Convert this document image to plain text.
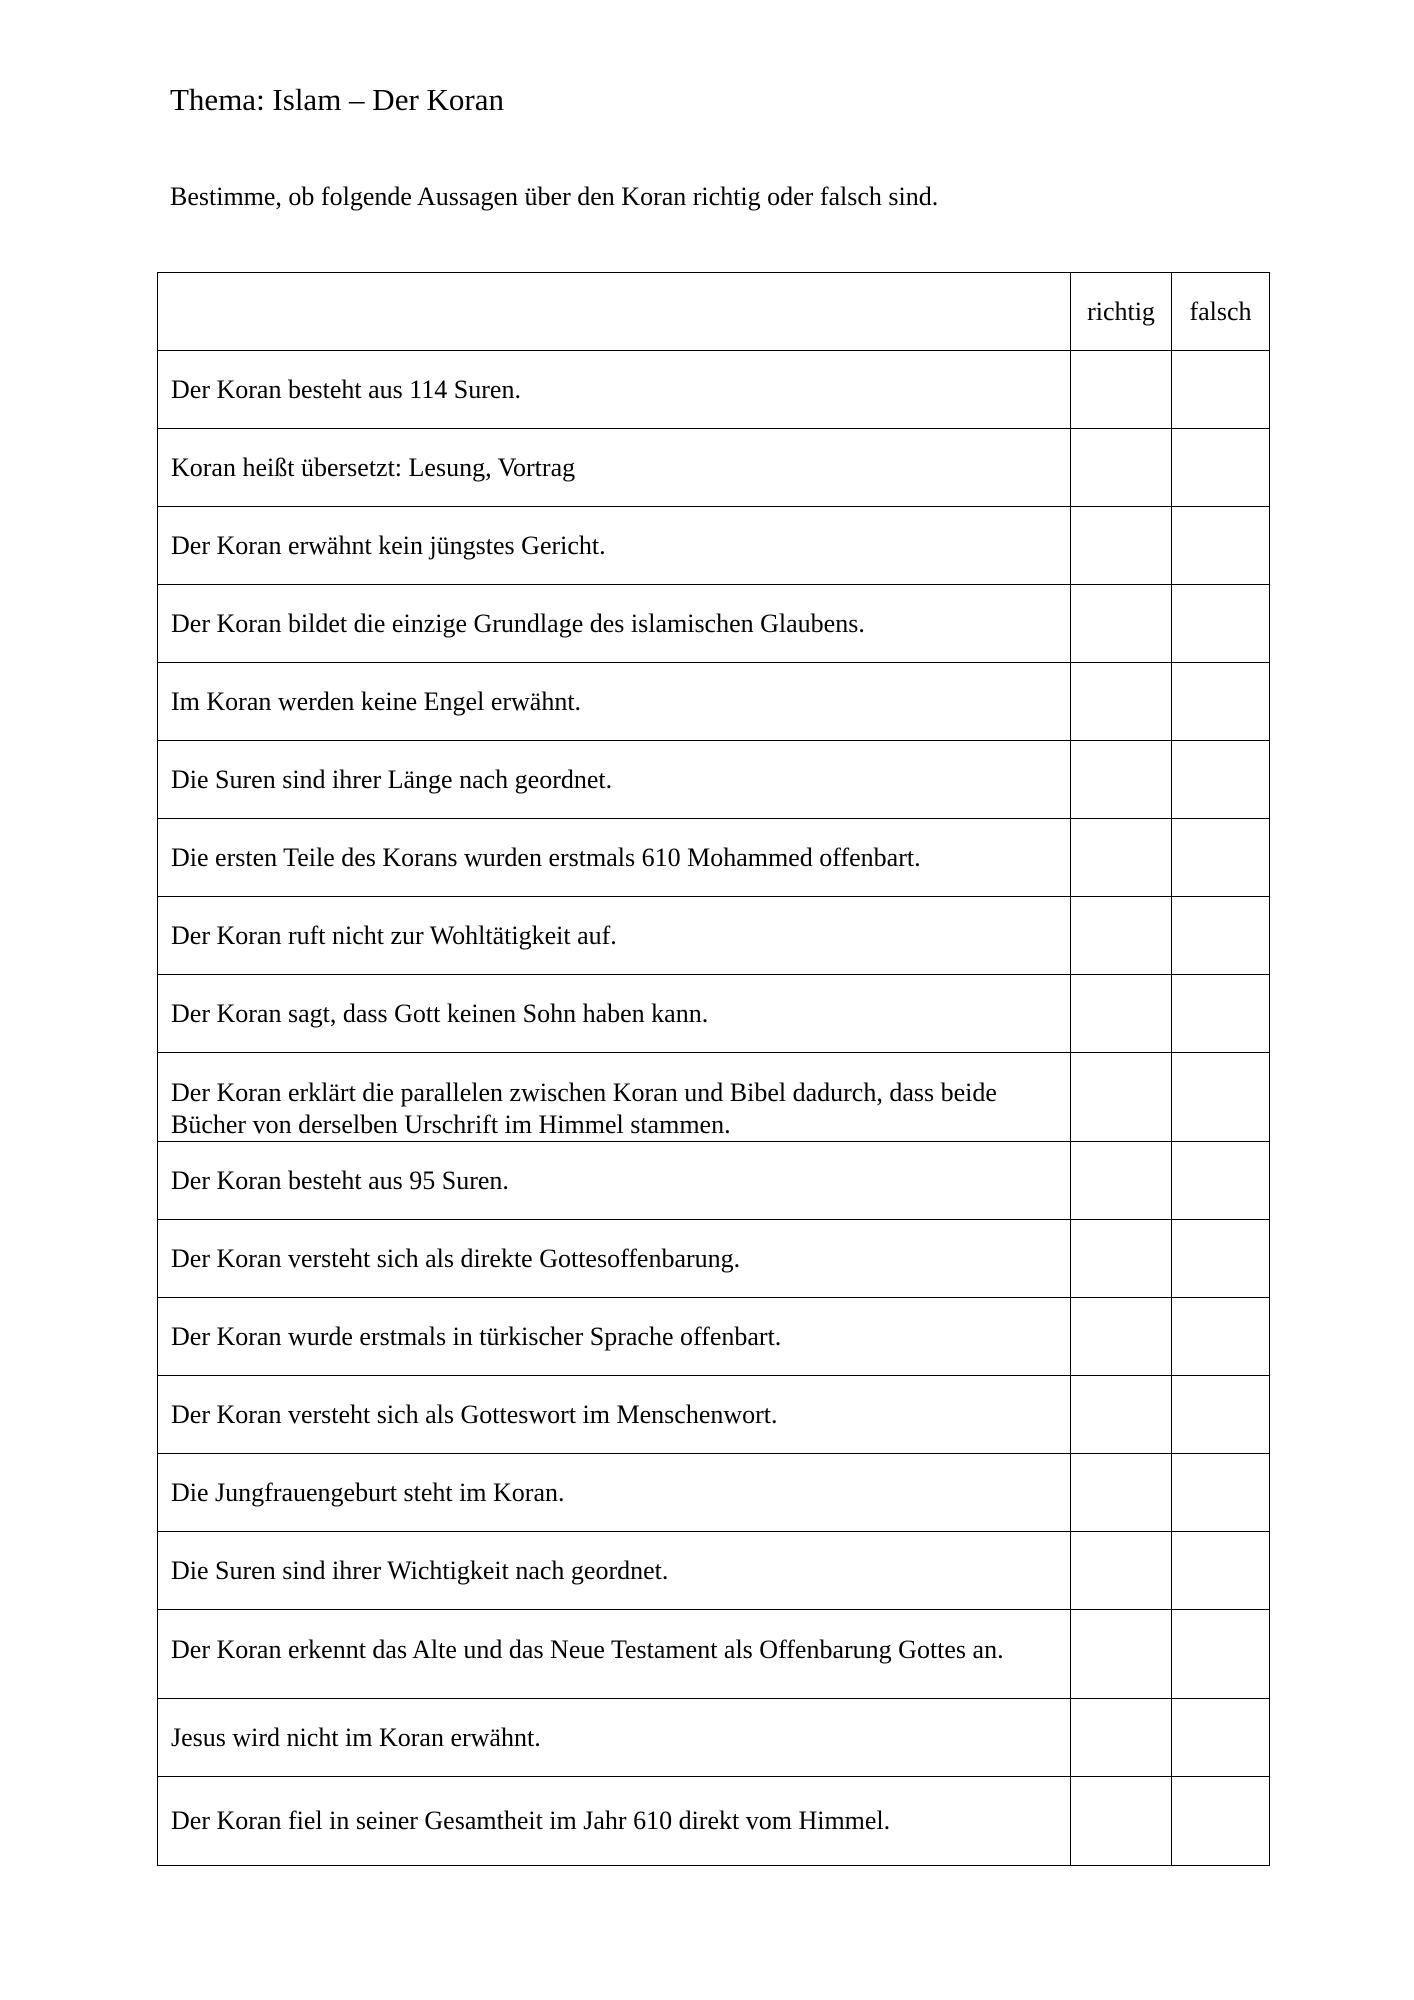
Thema: Islam – Der Koran
Bestimme, ob folgende Aussagen über den Koran richtig oder falsch sind.
	richtig	falsch
Der Koran besteht aus 114 Suren.		
Koran heißt übersetzt: Lesung, Vortrag		
Der Koran erwähnt kein jüngstes Gericht.		
Der Koran bildet die einzige Grundlage des islamischen Glaubens.		
Im Koran werden keine Engel erwähnt.		
Die Suren sind ihrer Länge nach geordnet.		
Die ersten Teile des Korans wurden erstmals 610 Mohammed offenbart.		
Der Koran ruft nicht zur Wohltätigkeit auf.		
Der Koran sagt, dass Gott keinen Sohn haben kann.		
Der Koran erklärt die parallelen zwischen Koran und Bibel dadurch, dass beide Bücher von derselben Urschrift im Himmel stammen.		
Der Koran besteht aus 95 Suren.		
Der Koran versteht sich als direkte Gottesoffenbarung.		
Der Koran wurde erstmals in türkischer Sprache offenbart.		
Der Koran versteht sich als Gotteswort im Menschenwort.		
Die Jungfrauengeburt steht im Koran.		
Die Suren sind ihrer Wichtigkeit nach geordnet.		
Der Koran erkennt das Alte und das Neue Testament als Offenbarung Gottes an.		
Jesus wird nicht im Koran erwähnt.		
Der Koran fiel in seiner Gesamtheit im Jahr 610 direkt vom Himmel.		
